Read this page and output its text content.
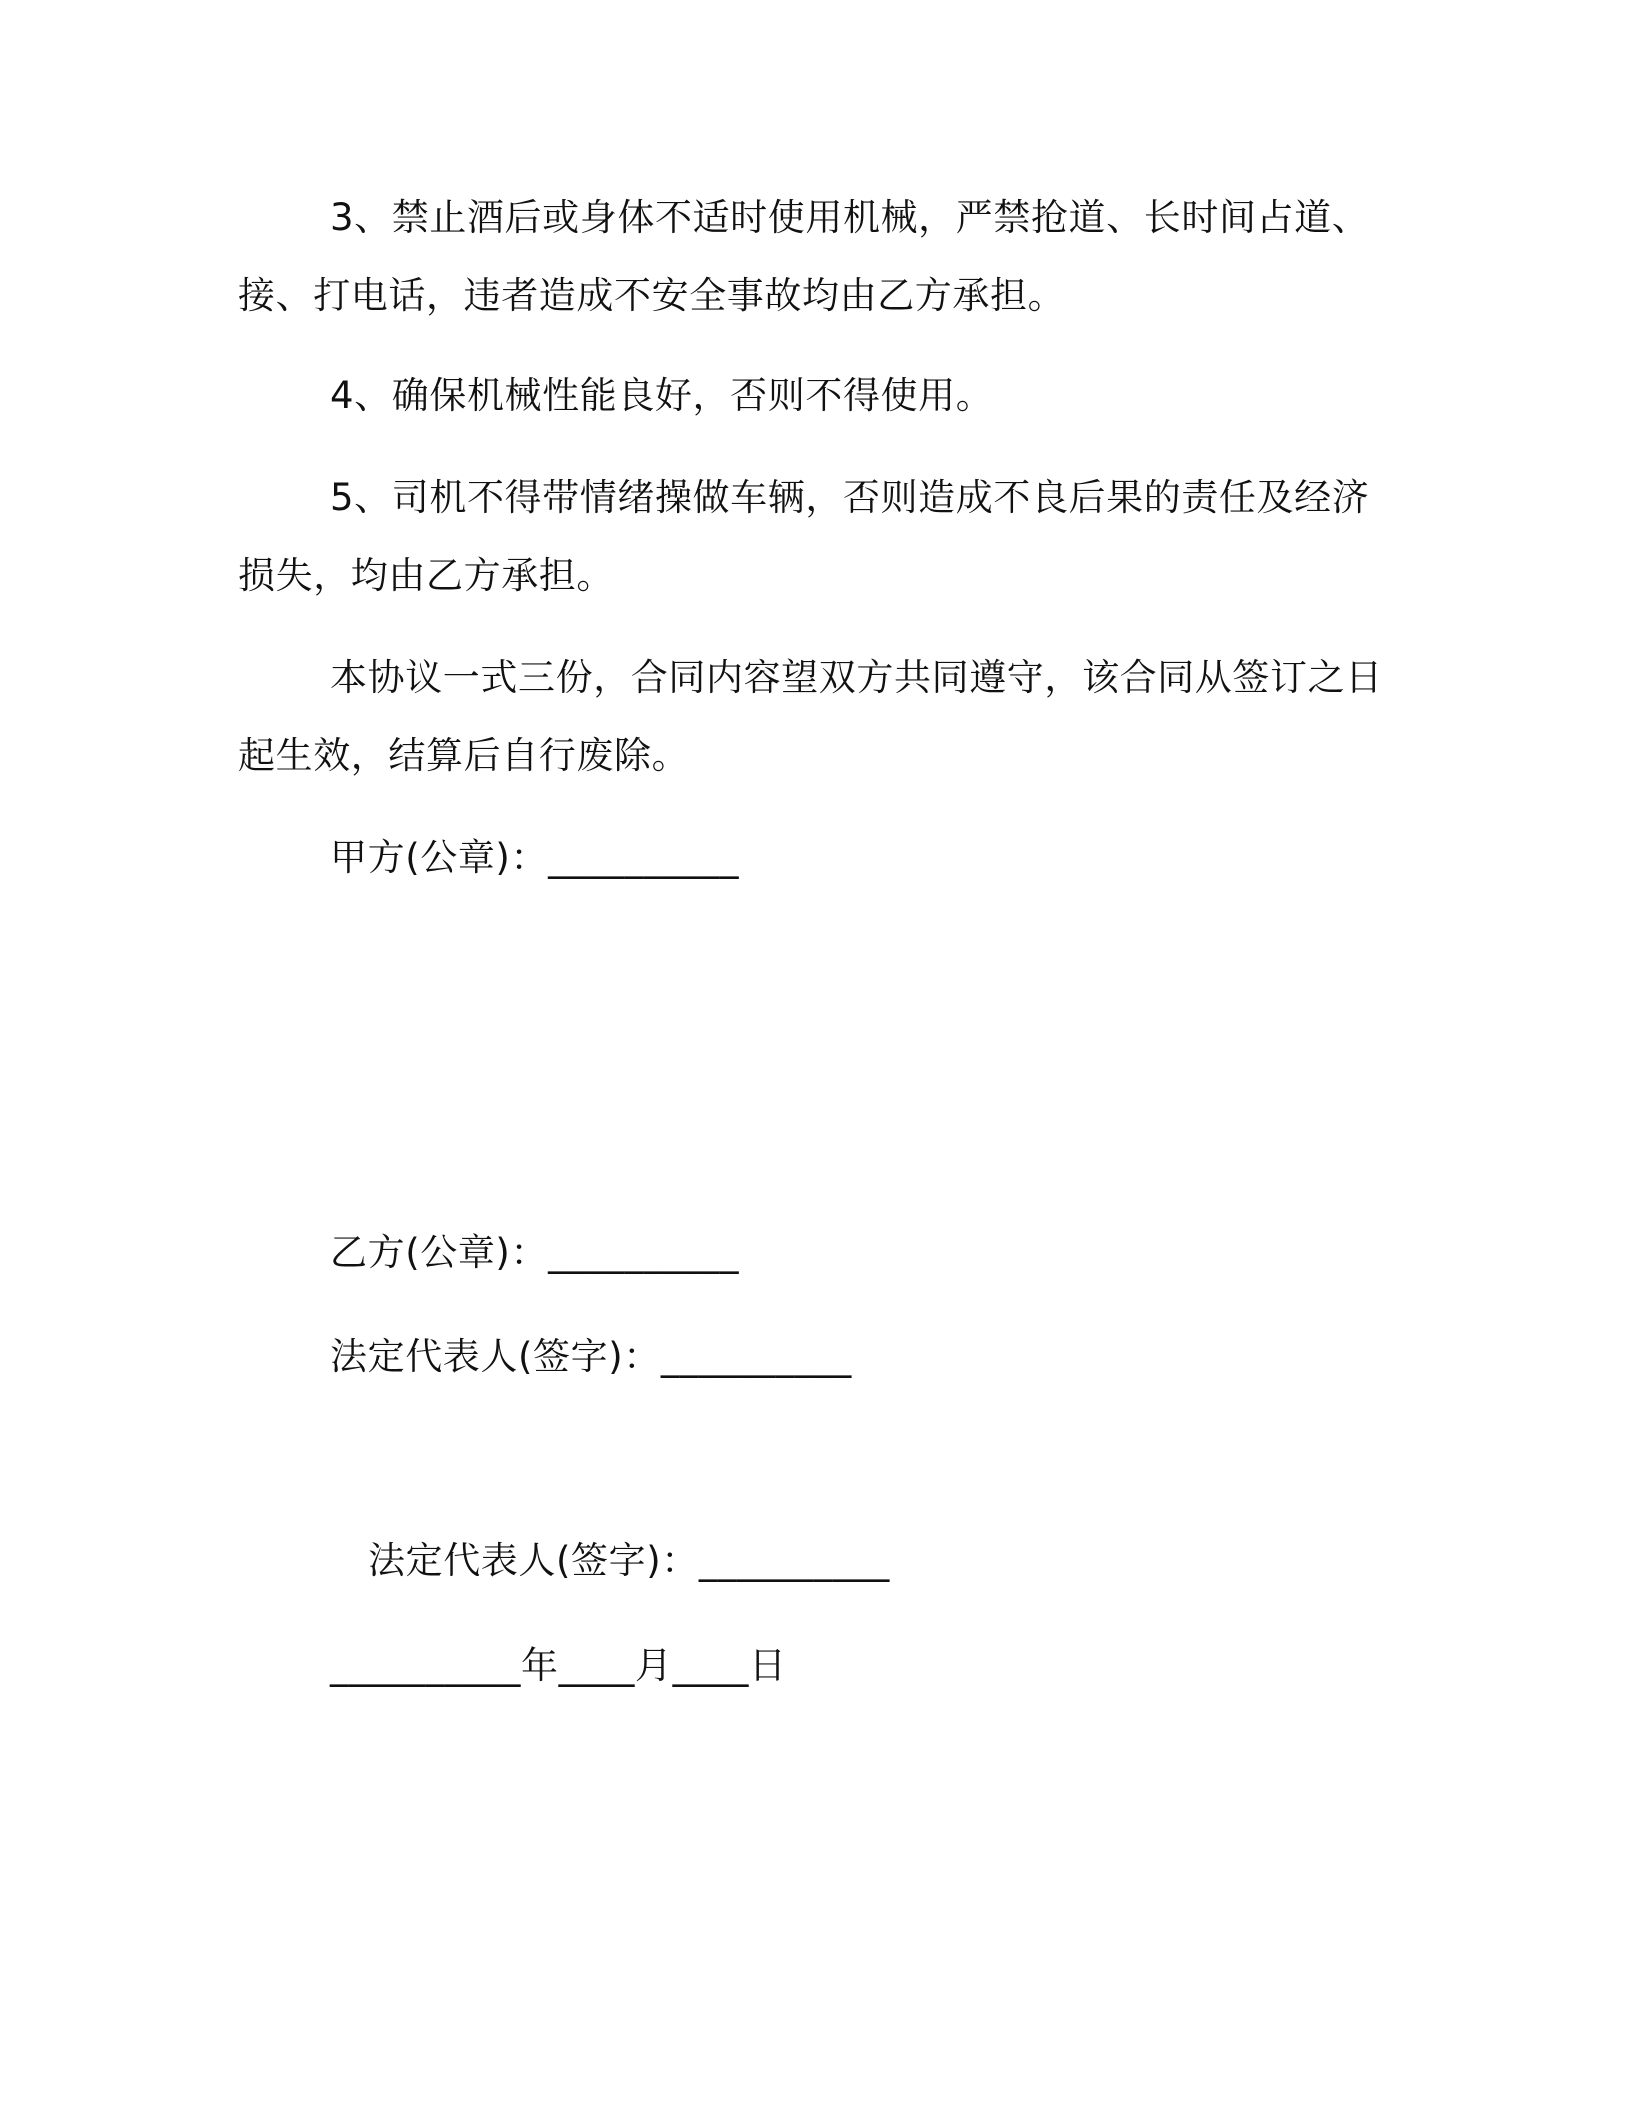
3、禁止酒后或身体不适时使用机械，严禁抢道、长时间占道、
接、打电话，违者造成不安全事故均由乙方承担。
4、确保机械性能良好，否则不得使用。
5、司机不得带情绪操做车辆，否则造成不良后果的责任及经济
损失，均由乙方承担。
本协议一式三份，合同内容望双方共同遵守，该合同从签订之日
起生效，结算后自行废除。
甲方(公章)：__________
乙方(公章)：__________
法定代表人(签字)：__________
法定代表人(签字)：__________
__________年____月____日
